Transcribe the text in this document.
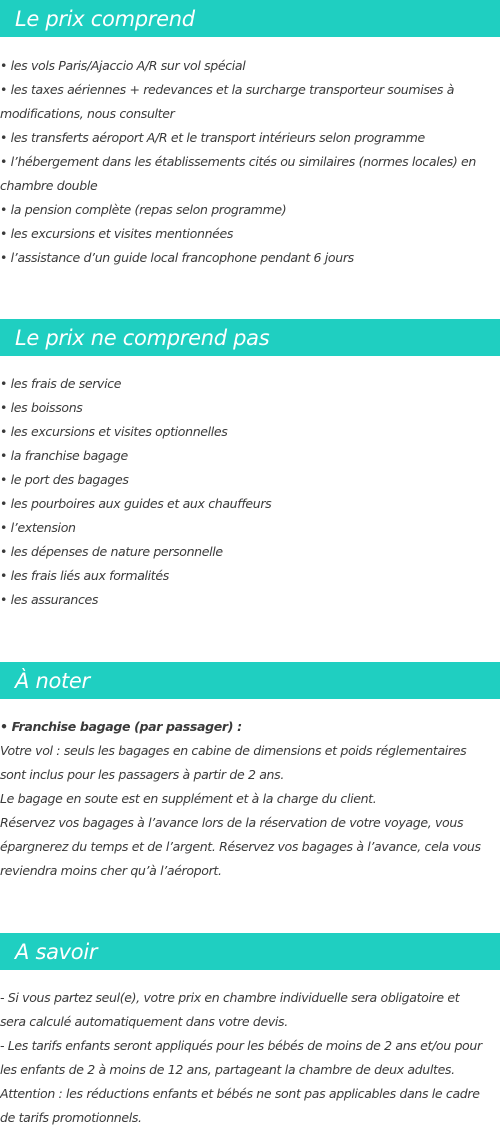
Le prix comprend
• les vols Paris/Ajaccio A/R sur vol spécial
• les taxes aériennes + redevances et la surcharge transporteur soumises à
modifications, nous consulter
• les transferts aéroport A/R et le transport intérieurs selon programme
• l’hébergement dans les établissements cités ou similaires (normes locales) en
chambre double
• la pension complète (repas selon programme)
• les excursions et visites mentionnées
• l’assistance d’un guide local francophone pendant 6 jours
Le prix ne comprend pas
• les frais de service
• les boissons
• les excursions et visites optionnelles
• la franchise bagage
• le port des bagages
• les pourboires aux guides et aux chauffeurs
• l’extension
• les dépenses de nature personnelle
• les frais liés aux formalités
• les assurances
À noter
• Franchise bagage (par passager) :
Votre vol : seuls les bagages en cabine de dimensions et poids réglementaires
sont inclus pour les passagers à partir de 2 ans.
Le bagage en soute est en supplément et à la charge du client.
Réservez vos bagages à l’avance lors de la réservation de votre voyage, vous
épargnerez du temps et de l’argent. Réservez vos bagages à l’avance, cela vous
reviendra moins cher qu’à l’aéroport.
A savoir
- Si vous partez seul(e), votre prix en chambre individuelle sera obligatoire et
sera calculé automatiquement dans votre devis.
- Les tarifs enfants seront appliqués pour les bébés de moins de 2 ans et/ou pour
les enfants de 2 à moins de 12 ans, partageant la chambre de deux adultes.
Attention : les réductions enfants et bébés ne sont pas applicables dans le cadre
de tarifs promotionnels.
